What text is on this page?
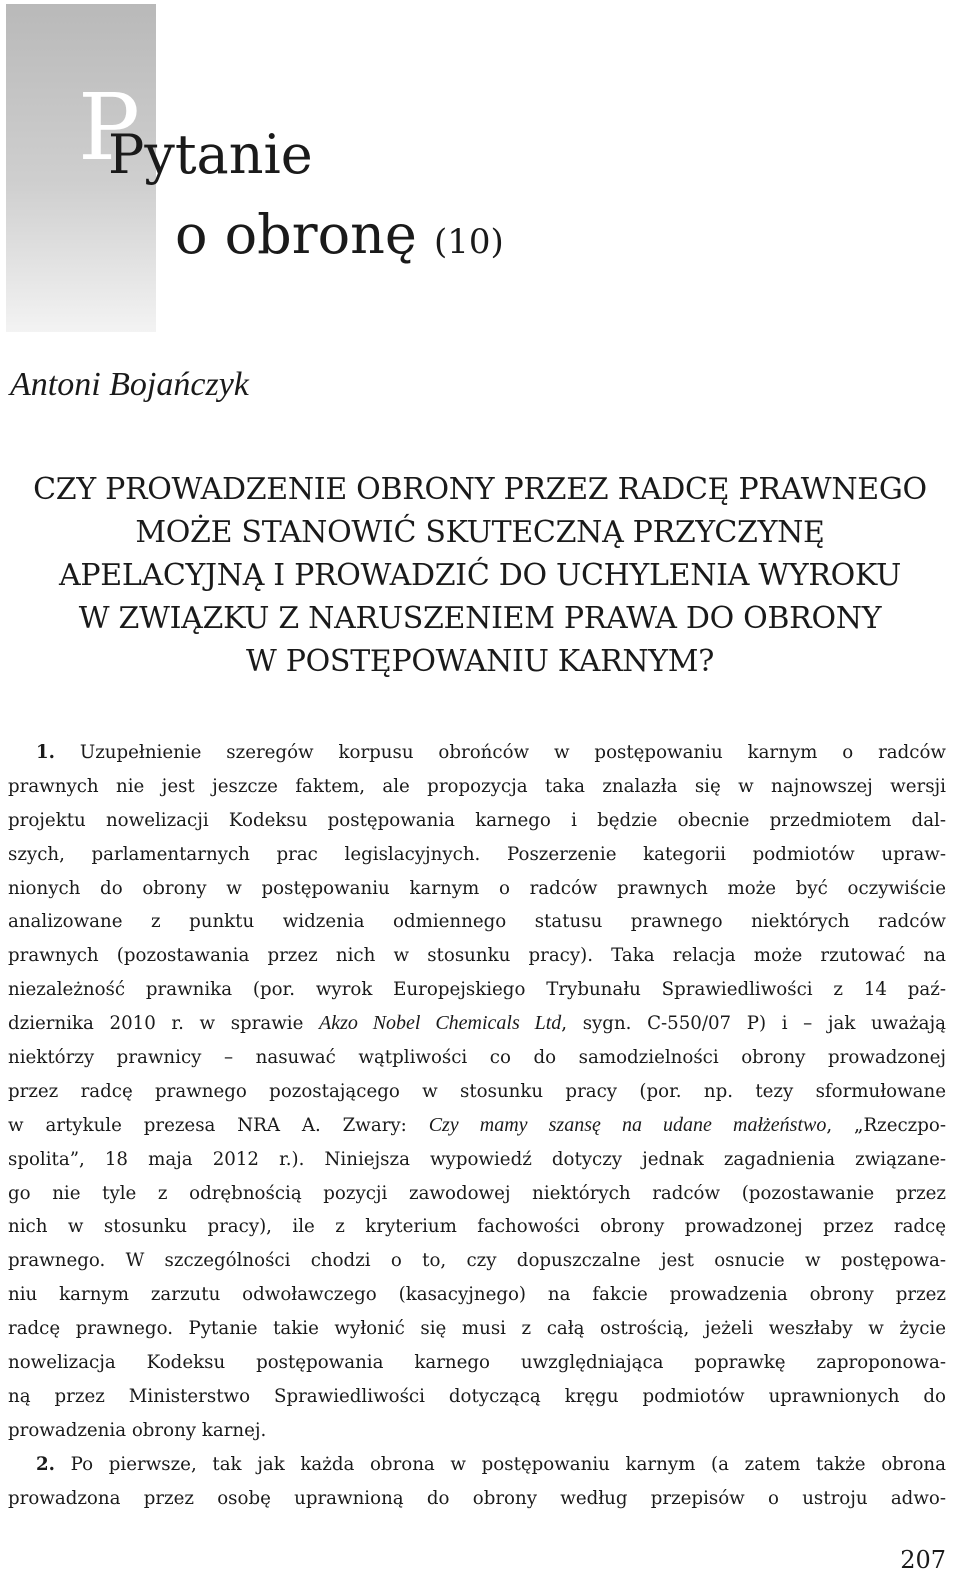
P
Pytanie
o obronę (10)
Antoni Bojańczyk
CZY PROWADZENIE OBRONY PRZEZ RADCĘ PRAWNEGO
MOŻE STANOWIĆ SKUTECZNĄ PRZYCZYNĘ
APELACYJNĄ I PROWADZIĆ DO UCHYLENIA WYROKU
W ZWIĄZKU Z NARUSZENIEM PRAWA DO OBRONY
W POSTĘPOWANIU KARNYM?
1. Uzupełnienie szeregów korpusu obrońców w postępowaniu karnym o radców
prawnych nie jest jeszcze faktem, ale propozycja taka znalazła się w najnowszej wersji
projektu nowelizacji Kodeksu postępowania karnego i będzie obecnie przedmiotem dal-
szych, parlamentarnych prac legislacyjnych. Poszerzenie kategorii podmiotów upraw-
nionych do obrony w postępowaniu karnym o radców prawnych może być oczywiście
analizowane z punktu widzenia odmiennego statusu prawnego niektórych radców
prawnych (pozostawania przez nich w stosunku pracy). Taka relacja może rzutować na
niezależność prawnika (por. wyrok Europejskiego Trybunału Sprawiedliwości z 14 paź-
dziernika 2010 r. w sprawie Akzo Nobel Chemicals Ltd, sygn. C-550/07 P) i – jak uważają
niektórzy prawnicy – nasuwać wątpliwości co do samodzielności obrony prowadzonej
przez radcę prawnego pozostającego w stosunku pracy (por. np. tezy sformułowane
w artykule prezesa NRA A. Zwary: Czy mamy szansę na udane małżeństwo, „Rzeczpo-
spolita”, 18 maja 2012 r.). Niniejsza wypowiedź dotyczy jednak zagadnienia związane-
go nie tyle z odrębnością pozycji zawodowej niektórych radców (pozostawanie przez
nich w stosunku pracy), ile z kryterium fachowości obrony prowadzonej przez radcę
prawnego. W szczególności chodzi o to, czy dopuszczalne jest osnucie w postępowa-
niu karnym zarzutu odwoławczego (kasacyjnego) na fakcie prowadzenia obrony przez
radcę prawnego. Pytanie takie wyłonić się musi z całą ostrością, jeżeli weszłaby w życie
nowelizacja Kodeksu postępowania karnego uwzględniająca poprawkę zaproponowa-
ną przez Ministerstwo Sprawiedliwości dotyczącą kręgu podmiotów uprawnionych do
prowadzenia obrony karnej.
2. Po pierwsze, tak jak każda obrona w postępowaniu karnym (a zatem także obrona
prowadzona przez osobę uprawnioną do obrony według przepisów o ustroju adwo-
207
